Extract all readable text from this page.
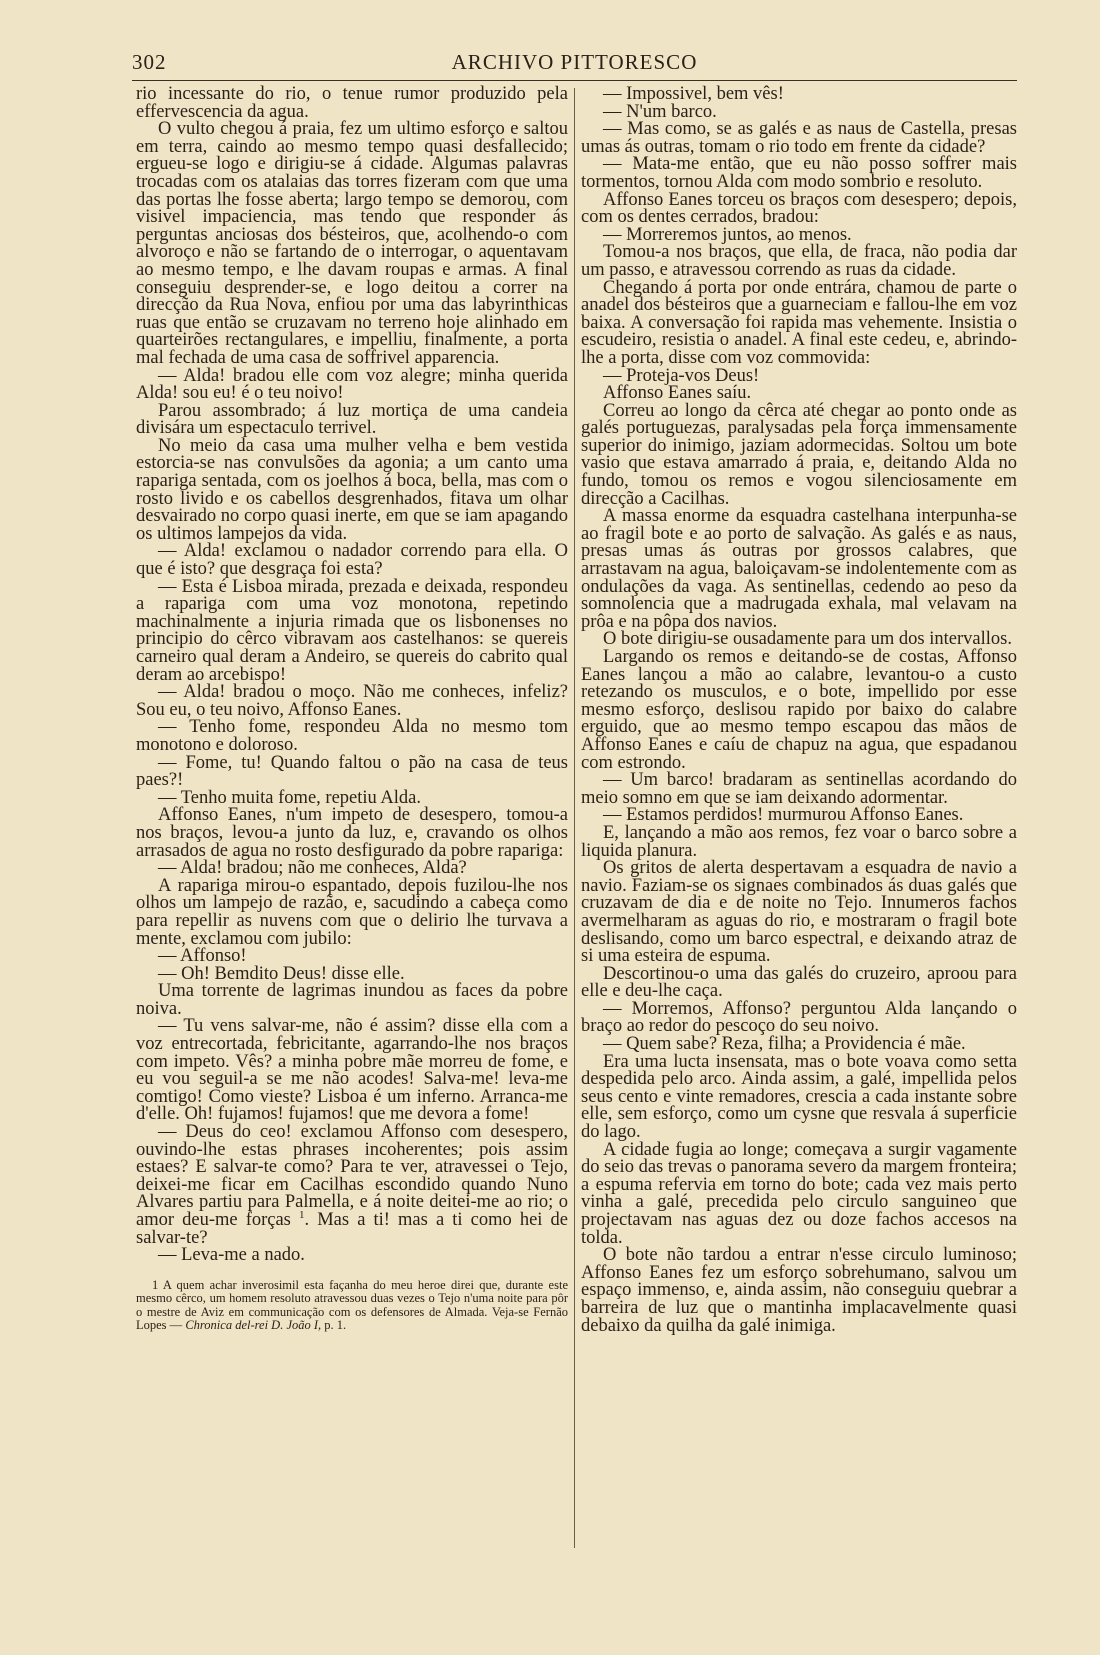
302	ARCHIVO PITTORESCO

rio incessante do rio, o tenue rumor produzido pela effervescencia da agua.

O vulto chegou á praia, fez um ultimo esforço e saltou em terra, caindo ao mesmo tempo quasi desfallecido; ergueu-se logo e dirigiu-se á cidade. Algumas palavras trocadas com os atalaias das torres fizeram com que uma das portas lhe fosse aberta; largo tempo se demorou, com visivel impaciencia, mas tendo que responder ás perguntas anciosas dos bésteiros, que, acolhendo-o com alvoroço e não se fartando de o interrogar, o aquentavam ao mesmo tempo, e lhe davam roupas e armas. A final conseguiu desprender-se, e logo deitou a correr na direcção da Rua Nova, enfiou por uma das labyrinthicas ruas que então se cruzavam no terreno hoje alinhado em quarteirões rectangulares, e impelliu, finalmente, a porta mal fechada de uma casa de soffrivel apparencia.

— Alda! bradou elle com voz alegre; minha querida Alda! sou eu! é o teu noivo!

Parou assombrado; á luz mortiça de uma candeia divisára um espectaculo terrivel.

No meio da casa uma mulher velha e bem vestida estorcia-se nas convulsões da agonia; a um canto uma rapariga sentada, com os joelhos á boca, bella, mas com o rosto livido e os cabellos desgrenhados, fitava um olhar desvairado no corpo quasi inerte, em que se iam apagando os ultimos lampejos da vida.

— Alda! exclamou o nadador correndo para ella. O que é isto? que desgraça foi esta?

— Esta é Lisboa mirada, prezada e deixada, respondeu a rapariga com uma voz monotona, repetindo machinalmente a injuria rimada que os lisbonenses no principio do cêrco vibravam aos castelhanos: se quereis carneiro qual deram a Andeiro, se quereis do cabrito qual deram ao arcebispo!

— Alda! bradou o moço. Não me conheces, infeliz? Sou eu, o teu noivo, Affonso Eanes.

— Tenho fome, respondeu Alda no mesmo tom monotono e doloroso.

— Fome, tu! Quando faltou o pão na casa de teus paes?!

— Tenho muita fome, repetiu Alda.

Affonso Eanes, n'um impeto de desespero, tomou-a nos braços, levou-a junto da luz, e, cravando os olhos arrasados de agua no rosto desfigurado da pobre rapariga:

— Alda! bradou; não me conheces, Alda?

A rapariga mirou-o espantado, depois fuzilou-lhe nos olhos um lampejo de razão, e, sacudindo a cabeça como para repellir as nuvens com que o delirio lhe turvava a mente, exclamou com jubilo:

— Affonso!

— Oh! Bemdito Deus! disse elle.

Uma torrente de lagrimas inundou as faces da pobre noiva.

— Tu vens salvar-me, não é assim? disse ella com a voz entrecortada, febricitante, agarrando-lhe nos braços com impeto. Vês? a minha pobre mãe morreu de fome, e eu vou seguil-a se me não acodes! Salva-me! leva-me comtigo! Como vieste? Lisboa é um inferno. Arranca-me d'elle. Oh! fujamos! fujamos! que me devora a fome!

— Deus do ceo! exclamou Affonso com desespero, ouvindo-lhe estas phrases incoherentes; pois assim estaes? E salvar-te como? Para te ver, atravessei o Tejo, deixei-me ficar em Cacilhas escondido quando Nuno Alvares partiu para Palmella, e á noite deitei-me ao rio; o amor deu-me forças $^1$. Mas a ti! mas a ti como hei de salvar-te?

— Leva-me a nado.

1 A quem achar inverosimil esta façanha do meu heroe direi que, durante este mesmo cêrco, um homem resoluto atravessou duas vezes o Tejo n'uma noite para pôr o mestre de Aviz em communicação com os defensores de Almada. Veja-se Fernão Lopes — Chronica del-rei D. João I, p. 1.

— Impossivel, bem vês!

— N'um barco.

— Mas como, se as galés e as naus de Castella, presas umas ás outras, tomam o rio todo em frente da cidade?

— Mata-me então, que eu não posso soffrer mais tormentos, tornou Alda com modo sombrio e resoluto.

Affonso Eanes torceu os braços com desespero; depois, com os dentes cerrados, bradou:

— Morreremos juntos, ao menos.

Tomou-a nos braços, que ella, de fraca, não podia dar um passo, e atravessou correndo as ruas da cidade.

Chegando á porta por onde entrára, chamou de parte o anadel dos bésteiros que a guarneciam e fallou-lhe em voz baixa. A conversação foi rapida mas vehemente. Insistia o escudeiro, resistia o anadel. A final este cedeu, e, abrindo-lhe a porta, disse com voz commovida:

— Proteja-vos Deus!

Affonso Eanes saíu.

Correu ao longo da cêrca até chegar ao ponto onde as galés portuguezas, paralysadas pela força immensamente superior do inimigo, jaziam adormecidas. Soltou um bote vasio que estava amarrado á praia, e, deitando Alda no fundo, tomou os remos e vogou silenciosamente em direcção a Cacilhas.

A massa enorme da esquadra castelhana interpunha-se ao fragil bote e ao porto de salvação. As galés e as naus, presas umas ás outras por grossos calabres, que arrastavam na agua, baloiçavam-se indolentemente com as ondulações da vaga. As sentinellas, cedendo ao peso da somnolencia que a madrugada exhala, mal velavam na prôa e na pôpa dos navios.

O bote dirigiu-se ousadamente para um dos intervallos.

Largando os remos e deitando-se de costas, Affonso Eanes lançou a mão ao calabre, levantou-o a custo retezando os musculos, e o bote, impellido por esse mesmo esforço, deslisou rapido por baixo do calabre erguido, que ao mesmo tempo escapou das mãos de Affonso Eanes e caíu de chapuz na agua, que espadanou com estrondo.

— Um barco! bradaram as sentinellas acordando do meio somno em que se iam deixando adormentar.

— Estamos perdidos! murmurou Affonso Eanes.

E, lançando a mão aos remos, fez voar o barco sobre a liquida planura.

Os gritos de alerta despertavam a esquadra de navio a navio. Faziam-se os signaes combinados ás duas galés que cruzavam de dia e de noite no Tejo. Innumeros fachos avermelharam as aguas do rio, e mostraram o fragil bote deslisando, como um barco espectral, e deixando atraz de si uma esteira de espuma.

Descortinou-o uma das galés do cruzeiro, aproou para elle e deu-lhe caça.

— Morremos, Affonso? perguntou Alda lançando o braço ao redor do pescoço do seu noivo.

— Quem sabe? Reza, filha; a Providencia é mãe.

Era uma lucta insensata, mas o bote voava como setta despedida pelo arco. Ainda assim, a galé, impellida pelos seus cento e vinte remadores, crescia a cada instante sobre elle, sem esforço, como um cysne que resvala á superficie do lago.

A cidade fugia ao longe; começava a surgir vagamente do seio das trevas o panorama severo da margem fronteira; a espuma refervia em torno do bote; cada vez mais perto vinha a galé, precedida pelo circulo sanguineo que projectavam nas aguas dez ou doze fachos accesos na tolda.

O bote não tardou a entrar n'esse circulo luminoso; Affonso Eanes fez um esforço sobrehumano, salvou um espaço immenso, e, ainda assim, não conseguiu quebrar a barreira de luz que o mantinha implacavelmente quasi debaixo da quilha da galé inimiga.
